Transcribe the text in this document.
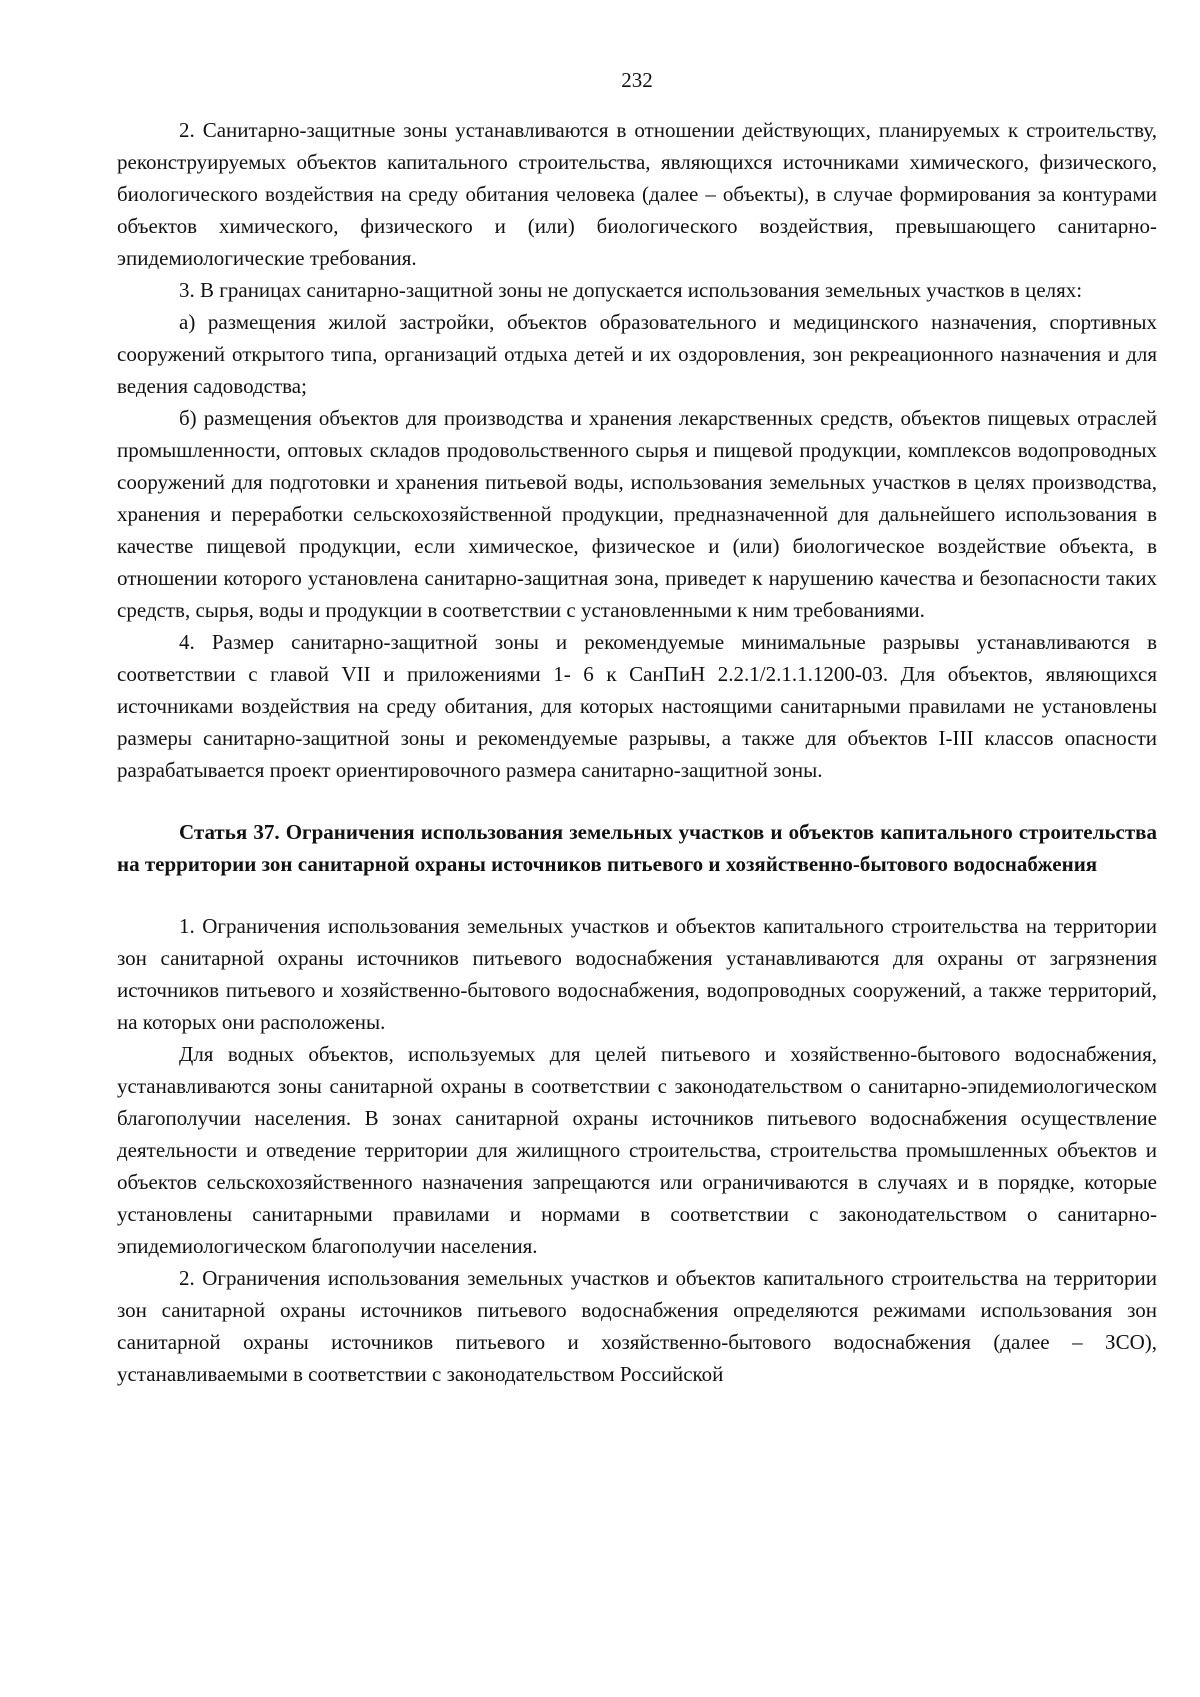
232

2. Санитарно-защитные зоны устанавливаются в отношении действующих, планируемых к строительству, реконструируемых объектов капитального строительства, являющихся источниками химического, физического, биологического воздействия на среду обитания человека (далее – объекты), в случае формирования за контурами объектов химического, физического и (или) биологического воздействия, превышающего санитарно-эпидемиологические требования.

3. В границах санитарно-защитной зоны не допускается использования земельных участков в целях:

а) размещения жилой застройки, объектов образовательного и медицинского назначения, спортивных сооружений открытого типа, организаций отдыха детей и их оздоровления, зон рекреационного назначения и для ведения садоводства;

б) размещения объектов для производства и хранения лекарственных средств, объектов пищевых отраслей промышленности, оптовых складов продовольственного сырья и пищевой продукции, комплексов водопроводных сооружений для подготовки и хранения питьевой воды, использования земельных участков в целях производства, хранения и переработки сельскохозяйственной продукции, предназначенной для дальнейшего использования в качестве пищевой продукции, если химическое, физическое и (или) биологическое воздействие объекта, в отношении которого установлена санитарно-защитная зона, приведет к нарушению качества и безопасности таких средств, сырья, воды и продукции в соответствии с установленными к ним требованиями.

4. Размер санитарно-защитной зоны и рекомендуемые минимальные разрывы устанавливаются в соответствии с главой VII и приложениями 1- 6 к СанПиН 2.2.1/2.1.1.1200-03. Для объектов, являющихся источниками воздействия на среду обитания, для которых настоящими санитарными правилами не установлены размеры санитарно-защитной зоны и рекомендуемые разрывы, а также для объектов I-III классов опасности разрабатывается проект ориентировочного размера санитарно-защитной зоны.

Статья 37. Ограничения использования земельных участков и объектов капитального строительства на территории зон санитарной охраны источников питьевого и хозяйственно-бытового водоснабжения

1. Ограничения использования земельных участков и объектов капитального строительства на территории зон санитарной охраны источников питьевого водоснабжения устанавливаются для охраны от загрязнения источников питьевого и хозяйственно-бытового водоснабжения, водопроводных сооружений, а также территорий, на которых они расположены.

Для водных объектов, используемых для целей питьевого и хозяйственно-бытового водоснабжения, устанавливаются зоны санитарной охраны в соответствии с законодательством о санитарно-эпидемиологическом благополучии населения. В зонах санитарной охраны источников питьевого водоснабжения осуществление деятельности и отведение территории для жилищного строительства, строительства промышленных объектов и объектов сельскохозяйственного назначения запрещаются или ограничиваются в случаях и в порядке, которые установлены санитарными правилами и нормами в соответствии с законодательством о санитарно-эпидемиологическом благополучии населения.

2. Ограничения использования земельных участков и объектов капитального строительства на территории зон санитарной охраны источников питьевого водоснабжения определяются режимами использования зон санитарной охраны источников питьевого и хозяйственно-бытового водоснабжения (далее – ЗСО), устанавливаемыми в соответствии с законодательством Российской
